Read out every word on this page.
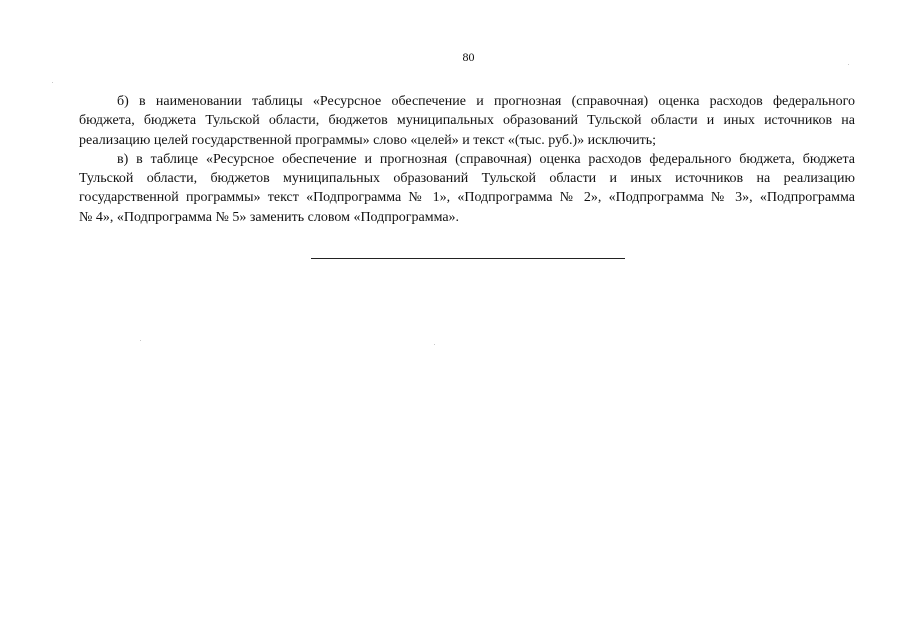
80
б) в наименовании таблицы «Ресурсное обеспечение и прогнозная (справочная) оценка расходов федерального
бюджета, бюджета Тульской области, бюджетов муниципальных образований Тульской области и иных источников на
реализацию целей государственной программы» слово «целей» и текст «(тыс. руб.)» исключить;
в) в таблице «Ресурсное обеспечение и прогнозная (справочная) оценка расходов федерального бюджета, бюджета
Тульской области, бюджетов муниципальных образований Тульской области и иных источников на реализацию
государственной программы» текст «Подпрограмма № 1», «Подпрограмма № 2», «Подпрограмма № 3», «Подпрограмма
№ 4», «Подпрограмма № 5» заменить словом «Подпрограмма».
